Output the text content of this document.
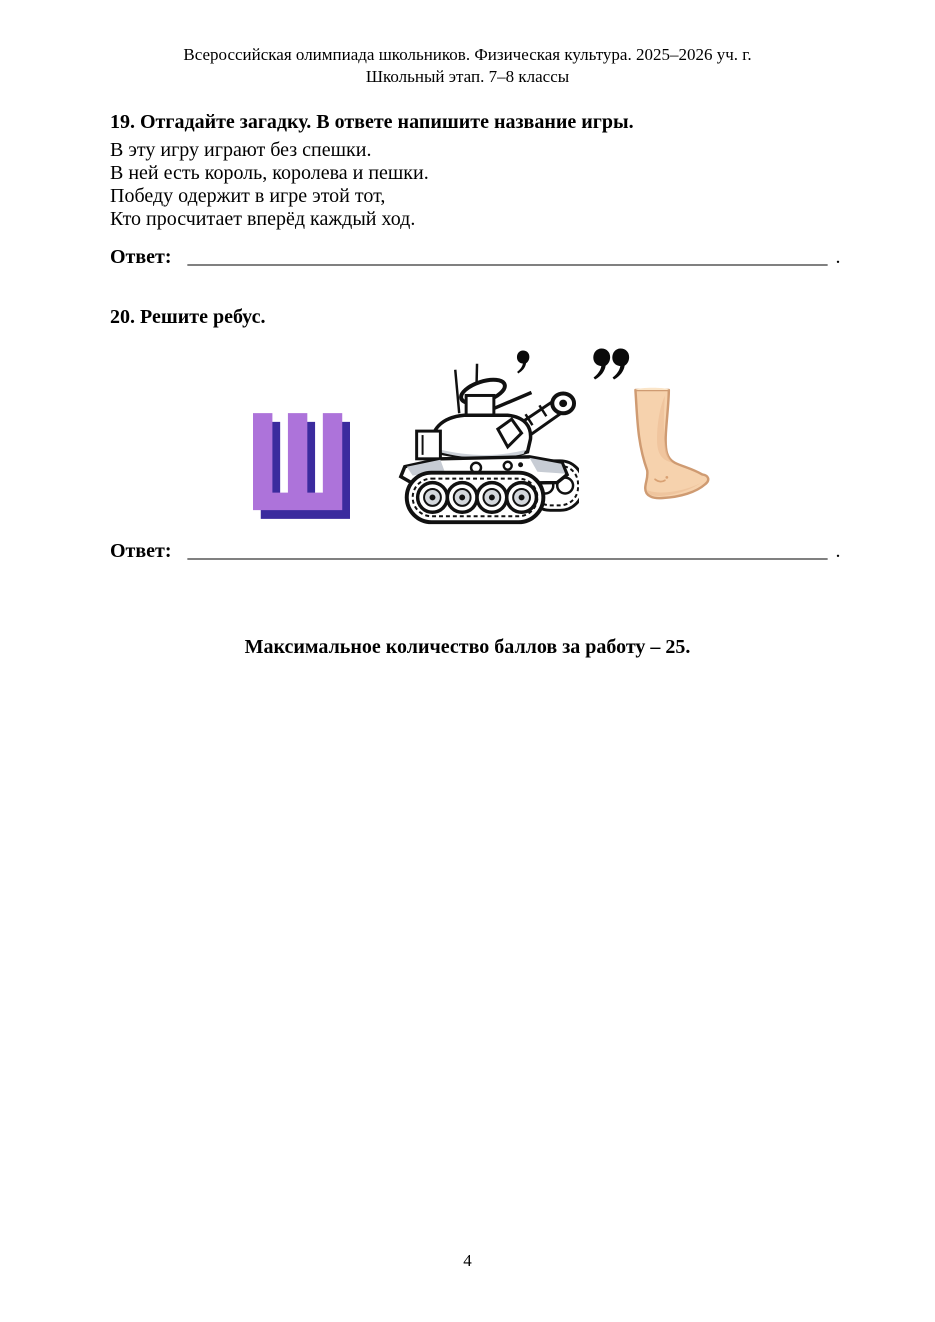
Всероссийская олимпиада школьников. Физическая культура. 2025–2026 уч. г.
Школьный этап. 7–8 классы
19. Отгадайте загадку. В ответе напишите название игры.
В эту игру играют без спешки.
В ней есть король, королева и пешки.
Победу одержит в игре этой тот,
Кто просчитает вперёд каждый ход.
Ответ: ________________________________________________________________ .
20. Решите ребус.
Ответ: ________________________________________________________________ .
Максимальное количество баллов за работу – 25.
4
